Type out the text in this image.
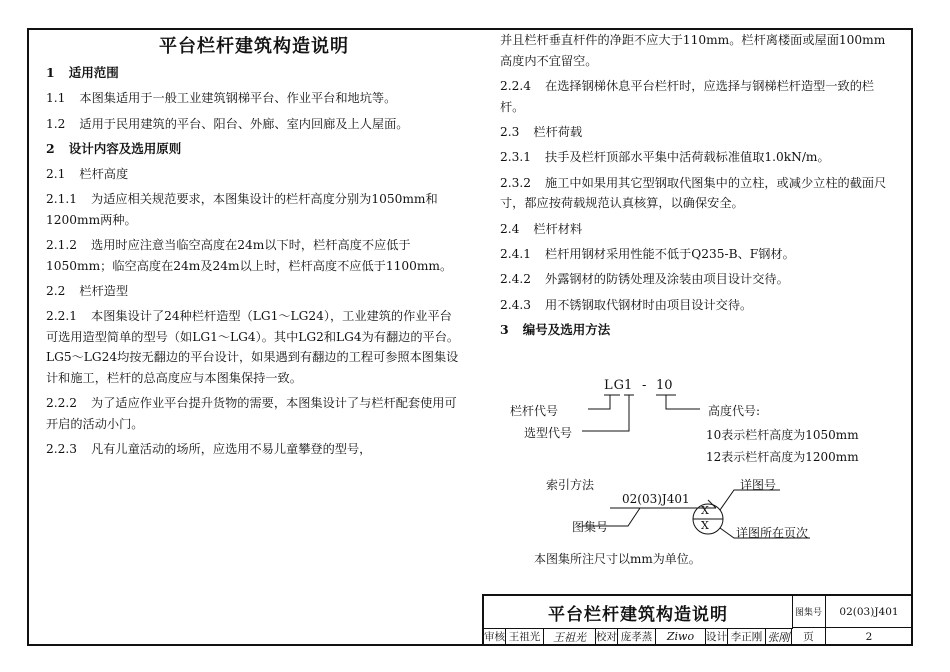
平台栏杆建筑构造说明
1 适用范围
1.1 本图集适用于一般工业建筑钢梯平台、作业平台和地坑等。
1.2 适用于民用建筑的平台、阳台、外廊、室内回廊及上人屋面。
2 设计内容及选用原则
2.1 栏杆高度
2.1.1 为适应相关规范要求，本图集设计的栏杆高度分别为1050mm和1200mm两种。
2.1.2 选用时应注意当临空高度在24m以下时，栏杆高度不应低于1050mm；临空高度在24m及24m以上时，栏杆高度不应低于1100mm。
2.2 栏杆造型
2.2.1 本图集设计了24种栏杆造型（LG1～LG24），工业建筑的作业平台可选用造型简单的型号（如LG1～LG4）。其中LG2和LG4为有翻边的平台。LG5～LG24均按无翻边的平台设计，如果遇到有翻边的工程可参照本图集设计和施工，栏杆的总高度应与本图集保持一致。
2.2.2 为了适应作业平台提升货物的需要，本图集设计了与栏杆配套使用可开启的活动小门。
2.2.3 凡有儿童活动的场所，应选用不易儿童攀登的型号，
并且栏杆垂直杆件的净距不应大于110mm。栏杆离楼面或屋面100mm高度内不宜留空。
2.2.4 在选择钢梯休息平台栏杆时，应选择与钢梯栏杆造型一致的栏杆。
2.3 栏杆荷载
2.3.1 扶手及栏杆顶部水平集中活荷载标准值取1.0kN/m。
2.3.2 施工中如果用其它型钢取代图集中的立柱，或减少立柱的截面尺寸，都应按荷载规范认真核算，以确保安全。
2.4 栏杆材料
2.4.1 栏杆用钢材采用性能不低于Q235-B、F钢材。
2.4.2 外露钢材的防锈处理及涂装由项目设计交待。
2.4.3 用不锈钢取代钢材时由项目设计交待。
3 编号及选用方法
LG
1 - 10
栏杆代号
选型代号
高度代号:
10表示栏杆高度为1050mm
12表示栏杆高度为1200mm
索引方法	详图号
02(03)J401
X
X
图集号	详图所在页次
本图集所注尺寸以mm为单位。
平台栏杆建筑构造说明	图集号	02(03)J401
审核 王祖光	王祖光 校对 庞孝蒸	Ziwo	设计 李正刚 张刚	页	2
